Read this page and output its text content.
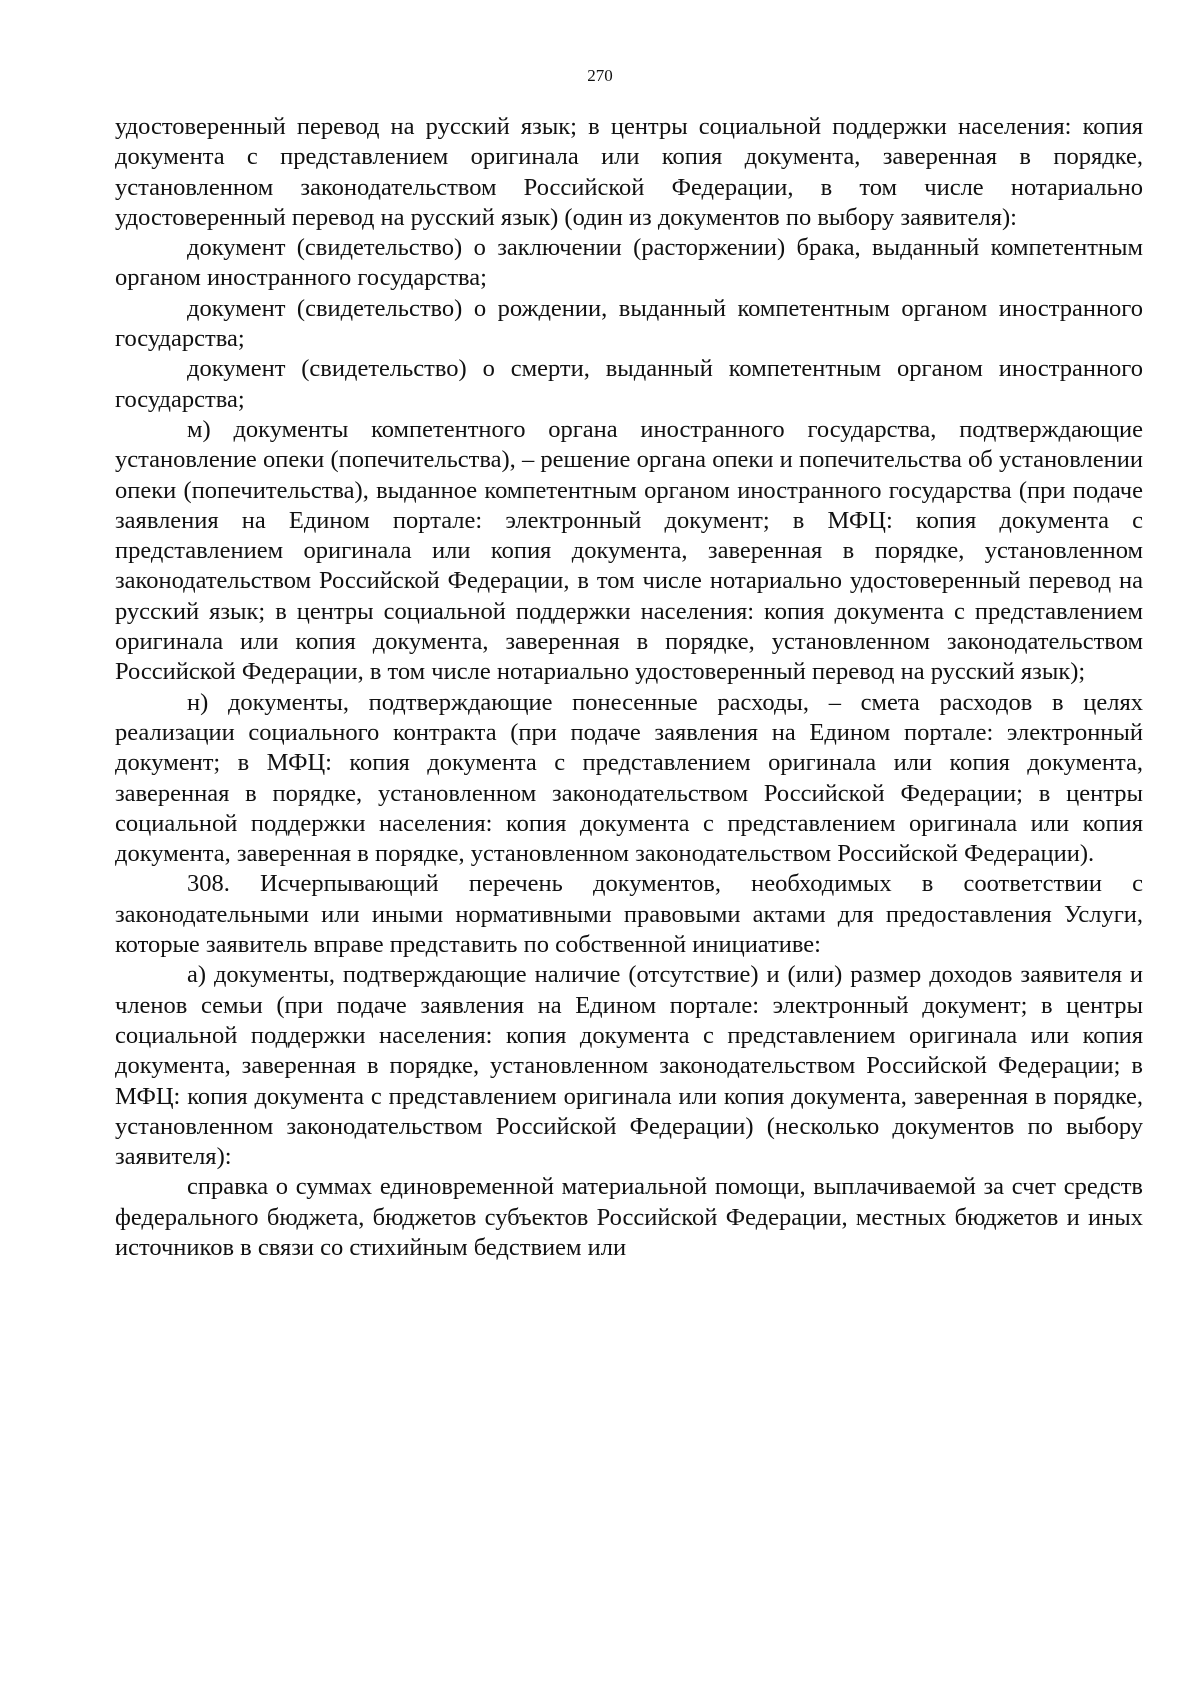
270

удостоверенный перевод на русский язык; в центры социальной поддержки населения: копия документа с представлением оригинала или копия документа, заверенная в порядке, установленном законодательством Российской Федерации, в том числе нотариально удостоверенный перевод на русский язык) (один из документов по выбору заявителя):

документ (свидетельство) о заключении (расторжении) брака, выданный компетентным органом иностранного государства;

документ (свидетельство) о рождении, выданный компетентным органом иностранного государства;

документ (свидетельство) о смерти, выданный компетентным органом иностранного государства;

м) документы компетентного органа иностранного государства, подтверждающие установление опеки (попечительства), – решение органа опеки и попечительства об установлении опеки (попечительства), выданное компетентным органом иностранного государства (при подаче заявления на Едином портале: электронный документ; в МФЦ: копия документа с представлением оригинала или копия документа, заверенная в порядке, установленном законодательством Российской Федерации, в том числе нотариально удостоверенный перевод на русский язык; в центры социальной поддержки населения: копия документа с представлением оригинала или копия документа, заверенная в порядке, установленном законодательством Российской Федерации, в том числе нотариально удостоверенный перевод на русский язык);

н) документы, подтверждающие понесенные расходы, – смета расходов в целях реализации социального контракта (при подаче заявления на Едином портале: электронный документ; в МФЦ: копия документа с представлением оригинала или копия документа, заверенная в порядке, установленном законодательством Российской Федерации; в центры социальной поддержки населения: копия документа с представлением оригинала или копия документа, заверенная в порядке, установленном законодательством Российской Федерации).

308. Исчерпывающий перечень документов, необходимых в соответствии с законодательными или иными нормативными правовыми актами для предоставления Услуги, которые заявитель вправе представить по собственной инициативе:

а) документы, подтверждающие наличие (отсутствие) и (или) размер доходов заявителя и членов семьи (при подаче заявления на Едином портале: электронный документ; в центры социальной поддержки населения: копия документа с представлением оригинала или копия документа, заверенная в порядке, установленном законодательством Российской Федерации; в МФЦ: копия документа с представлением оригинала или копия документа, заверенная в порядке, установленном законодательством Российской Федерации) (несколько документов по выбору заявителя):

справка о суммах единовременной материальной помощи, выплачиваемой за счет средств федерального бюджета, бюджетов субъектов Российской Федерации, местных бюджетов и иных источников в связи со стихийным бедствием или
